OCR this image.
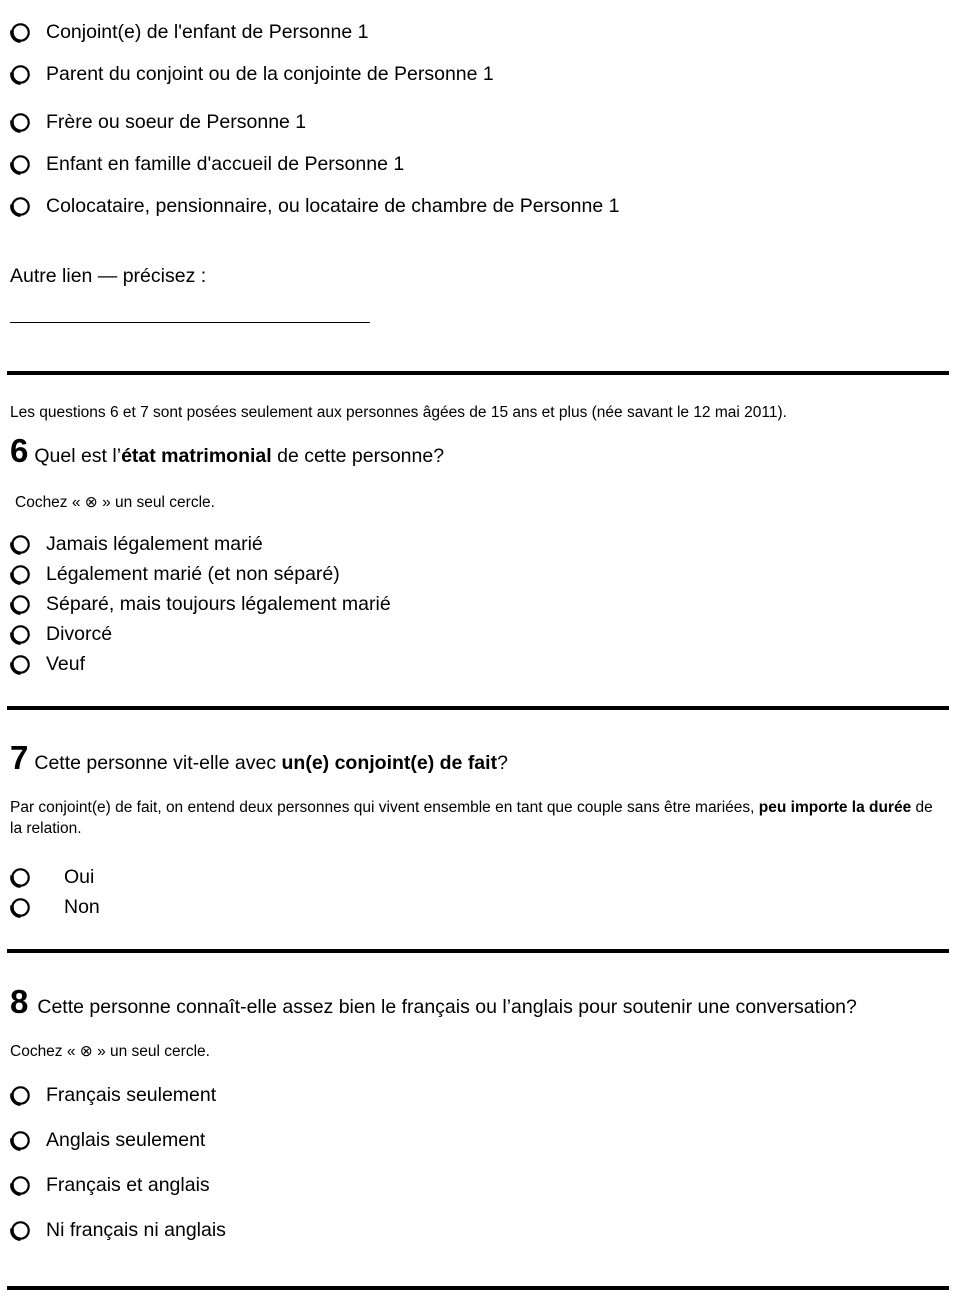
Conjoint(e) de l'enfant de Personne 1
Parent du conjoint ou de la conjointe de Personne 1
Frère ou soeur de Personne 1
Enfant en famille d'accueil de Personne 1
Colocataire, pensionnaire, ou locataire de chambre de Personne 1
Autre lien — précisez :
Les questions 6 et 7 sont posées seulement aux personnes âgées de 15 ans et plus (née savant le 12 mai 2011).
6 Quel est l’état matrimonial de cette personne?
Cochez « ⊗ » un seul cercle.
Jamais légalement marié
Légalement marié (et non séparé)
Séparé, mais toujours légalement marié
Divorcé
Veuf
7 Cette personne vit-elle avec un(e) conjoint(e) de fait?
Par conjoint(e) de fait, on entend deux personnes qui vivent ensemble en tant que couple sans être mariées, peu importe la durée de
la relation.
Oui
Non
8 Cette personne connaît-elle assez bien le français ou l’anglais pour soutenir une conversation?
Cochez « ⊗ » un seul cercle.
Français seulement
Anglais seulement
Français et anglais
Ni français ni anglais
